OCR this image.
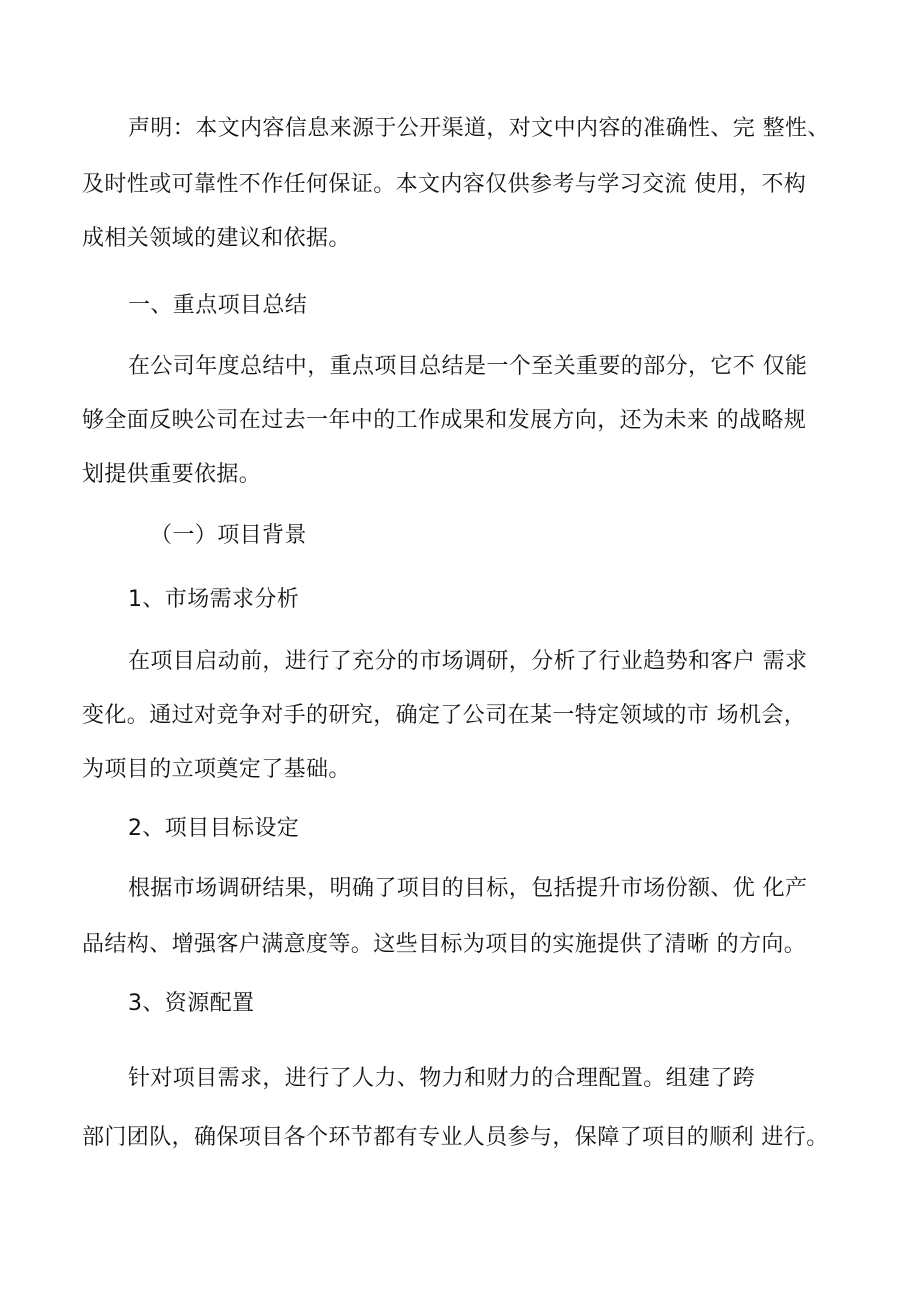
声明：本文内容信息来源于公开渠道，对文中内容的准确性、完 整性、

及时性或可靠性不作任何保证。本文内容仅供参考与学习交流 使用，不构

成相关领域的建议和依据。

一、重点项目总结

在公司年度总结中，重点项目总结是一个至关重要的部分，它不 仅能

够全面反映公司在过去一年中的工作成果和发展方向，还为未来 的战略规

划提供重要依据。

（一）项目背景

1、市场需求分析

在项目启动前，进行了充分的市场调研，分析了行业趋势和客户 需求

变化。通过对竞争对手的研究，确定了公司在某一特定领域的市 场机会，

为项目的立项奠定了基础。

2、项目目标设定

根据市场调研结果，明确了项目的目标，包括提升市场份额、优 化产

品结构、增强客户满意度等。这些目标为项目的实施提供了清晰 的方向。

3、资源配置

针对项目需求，进行了人力、物力和财力的合理配置。组建了跨

部门团队，确保项目各个环节都有专业人员参与，保障了项目的顺利 进行。
